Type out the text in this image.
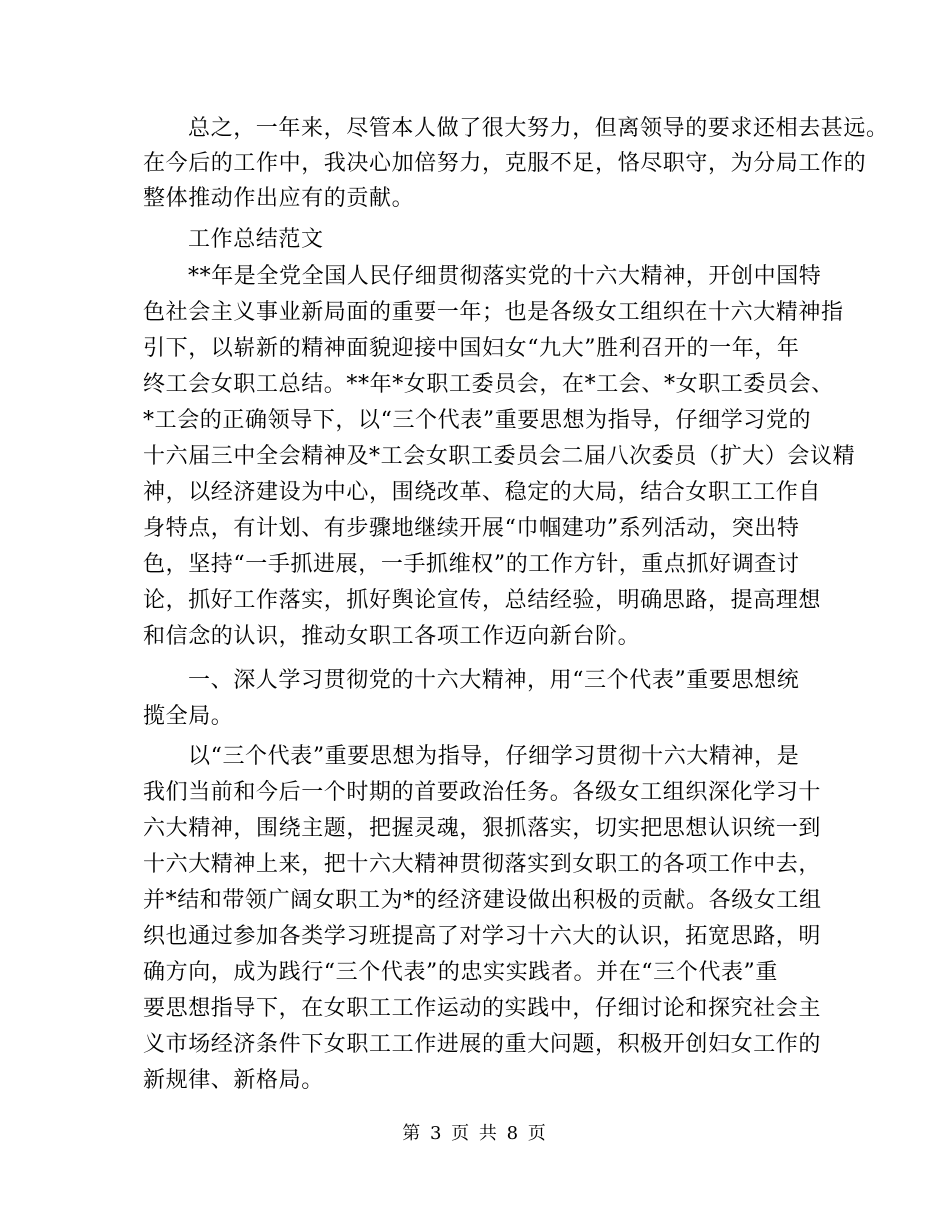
总之，一年来，尽管本人做了很大努力，但离领导的要求还相去甚远。
在今后的工作中，我决心加倍努力，克服不足，恪尽职守，为分局工作的
整体推动作出应有的贡献。
工作总结范文
**年是全党全国人民仔细贯彻落实党的十六大精神，开创中国特
色社会主义事业新局面的重要一年；也是各级女工组织在十六大精神指
引下，以崭新的精神面貌迎接中国妇女“九大”胜利召开的一年，年
终工会女职工总结。**年*女职工委员会，在*工会、*女职工委员会、
*工会的正确领导下，以“三个代表”重要思想为指导，仔细学习党的
十六届三中全会精神及*工会女职工委员会二届八次委员（扩大）会议精
神，以经济建设为中心，围绕改革、稳定的大局，结合女职工工作自
身特点，有计划、有步骤地继续开展“巾帼建功”系列活动，突出特
色，坚持“一手抓进展，一手抓维权”的工作方针，重点抓好调查讨
论，抓好工作落实，抓好舆论宣传，总结经验，明确思路，提高理想
和信念的认识，推动女职工各项工作迈向新台阶。
一、深人学习贯彻党的十六大精神，用“三个代表”重要思想统
揽全局。
以“三个代表”重要思想为指导，仔细学习贯彻十六大精神，是
我们当前和今后一个时期的首要政治任务。各级女工组织深化学习十
六大精神，围绕主题，把握灵魂，狠抓落实，切实把思想认识统一到
十六大精神上来，把十六大精神贯彻落实到女职工的各项工作中去，
并*结和带领广阔女职工为*的经济建设做出积极的贡献。各级女工组
织也通过参加各类学习班提高了对学习十六大的认识，拓宽思路，明
确方向，成为践行“三个代表”的忠实实践者。并在“三个代表”重
要思想指导下，在女职工工作运动的实践中，仔细讨论和探究社会主
义市场经济条件下女职工工作进展的重大问题，积极开创妇女工作的
新规律、新格局。
第 3 页 共 8 页
